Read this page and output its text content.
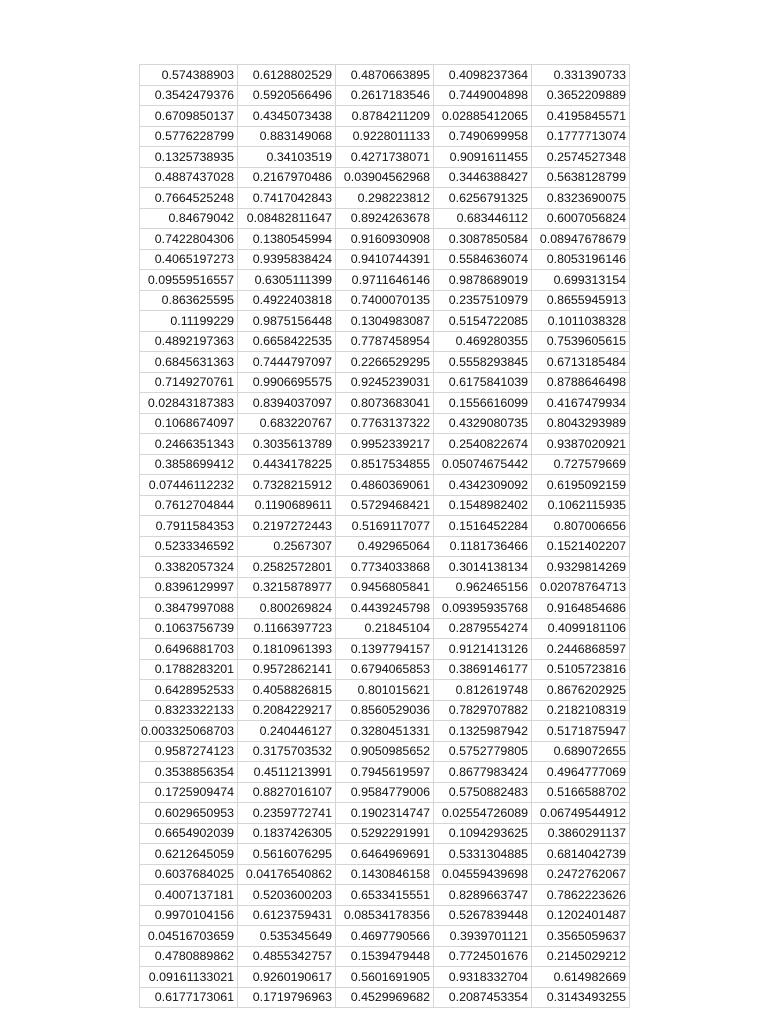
0.574388903	0.6128802529	0.4870663895	0.4098237364	0.331390733
0.3542479376	0.5920566496	0.2617183546	0.7449004898	0.3652209889
0.6709850137	0.4345073438	0.8784211209	0.02885412065	0.4195845571
0.5776228799	0.883149068	0.9228011133	0.7490699958	0.1777713074
0.1325738935	0.34103519	0.4271738071	0.9091611455	0.2574527348
0.4887437028	0.2167970486	0.03904562968	0.3446388427	0.5638128799
0.7664525248	0.7417042843	0.298223812	0.6256791325	0.8323690075
0.84679042	0.08482811647	0.8924263678	0.683446112	0.6007056824
0.7422804306	0.1380545994	0.9160930908	0.3087850584	0.08947678679
0.4065197273	0.9395838424	0.9410744391	0.5584636074	0.8053196146
0.09559516557	0.6305111399	0.9711646146	0.9878689019	0.699313154
0.863625595	0.4922403818	0.7400070135	0.2357510979	0.8655945913
0.11199229	0.9875156448	0.1304983087	0.5154722085	0.1011038328
0.4892197363	0.6658422535	0.7787458954	0.469280355	0.7539605615
0.6845631363	0.7444797097	0.2266529295	0.5558293845	0.6713185484
0.7149270761	0.9906695575	0.9245239031	0.6175841039	0.8788646498
0.02843187383	0.8394037097	0.8073683041	0.1556616099	0.4167479934
0.1068674097	0.683220767	0.7763137322	0.4329080735	0.8043293989
0.2466351343	0.3035613789	0.9952339217	0.2540822674	0.9387020921
0.3858699412	0.4434178225	0.8517534855	0.05074675442	0.727579669
0.07446112232	0.7328215912	0.4860369061	0.4342309092	0.6195092159
0.7612704844	0.1190689611	0.5729468421	0.1548982402	0.1062115935
0.7911584353	0.2197272443	0.5169117077	0.1516452284	0.807006656
0.5233346592	0.2567307	0.492965064	0.1181736466	0.1521402207
0.3382057324	0.2582572801	0.7734033868	0.3014138134	0.9329814269
0.8396129997	0.3215878977	0.9456805841	0.962465156	0.02078764713
0.3847997088	0.800269824	0.4439245798	0.09395935768	0.9164854686
0.1063756739	0.1166397723	0.21845104	0.2879554274	0.4099181106
0.6496881703	0.1810961393	0.1397794157	0.9121413126	0.2446868597
0.1788283201	0.9572862141	0.6794065853	0.3869146177	0.5105723816
0.6428952533	0.4058826815	0.801015621	0.812619748	0.8676202925
0.8323322133	0.2084229217	0.8560529036	0.7829707882	0.2182108319
0.003325068703	0.240446127	0.3280451331	0.1325987942	0.5171875947
0.9587274123	0.3175703532	0.9050985652	0.5752779805	0.689072655
0.3538856354	0.4511213991	0.7945619597	0.8677983424	0.4964777069
0.1725909474	0.8827016107	0.9584779006	0.5750882483	0.5166588702
0.6029650953	0.2359772741	0.1902314747	0.02554726089	0.06749544912
0.6654902039	0.1837426305	0.5292291991	0.1094293625	0.3860291137
0.6212645059	0.5616076295	0.6464969691	0.5331304885	0.6814042739
0.6037684025	0.04176540862	0.1430846158	0.04559439698	0.2472762067
0.4007137181	0.5203600203	0.6533415551	0.8289663747	0.7862223626
0.9970104156	0.6123759431	0.08534178356	0.5267839448	0.1202401487
0.04516703659	0.535345649	0.4697790566	0.3939701121	0.3565059637
0.4780889862	0.4855342757	0.1539479448	0.7724501676	0.2145029212
0.09161133021	0.9260190617	0.5601691905	0.9318332704	0.614982669
0.6177173061	0.1719796963	0.4529969682	0.2087453354	0.3143493255
